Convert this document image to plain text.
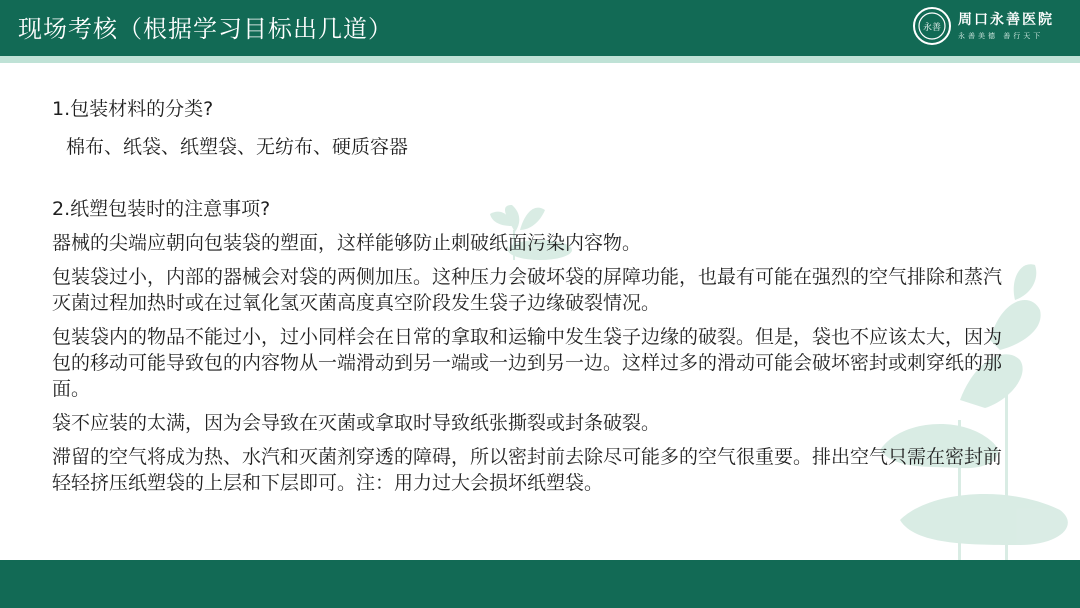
现场考核（根据学习目标出几道）	永善 周口永善医院
永善美德 善行天下

1.包装材料的分类?

棉布、纸袋、纸塑袋、无纺布、硬质容器

2.纸塑包装时的注意事项?

器械的尖端应朝向包装袋的塑面，这样能够防止刺破纸面污染内容物。

包装袋过小，内部的器械会对袋的两侧加压。这种压力会破坏袋的屏障功能，也最有可能在强烈的空气排除和蒸汽灭菌过程加热时或在过氧化氢灭菌高度真空阶段发生袋子边缘破裂情况。

包装袋内的物品不能过小，过小同样会在日常的拿取和运输中发生袋子边缘的破裂。但是，袋也不应该太大，因为包的移动可能导致包的内容物从一端滑动到另一端或一边到另一边。这样过多的滑动可能会破坏密封或刺穿纸的那面。

袋不应装的太满，因为会导致在灭菌或拿取时导致纸张撕裂或封条破裂。

滞留的空气将成为热、水汽和灭菌剂穿透的障碍，所以密封前去除尽可能多的空气很重要。排出空气只需在密封前轻轻挤压纸塑袋的上层和下层即可。注：用力过大会损坏纸塑袋。
